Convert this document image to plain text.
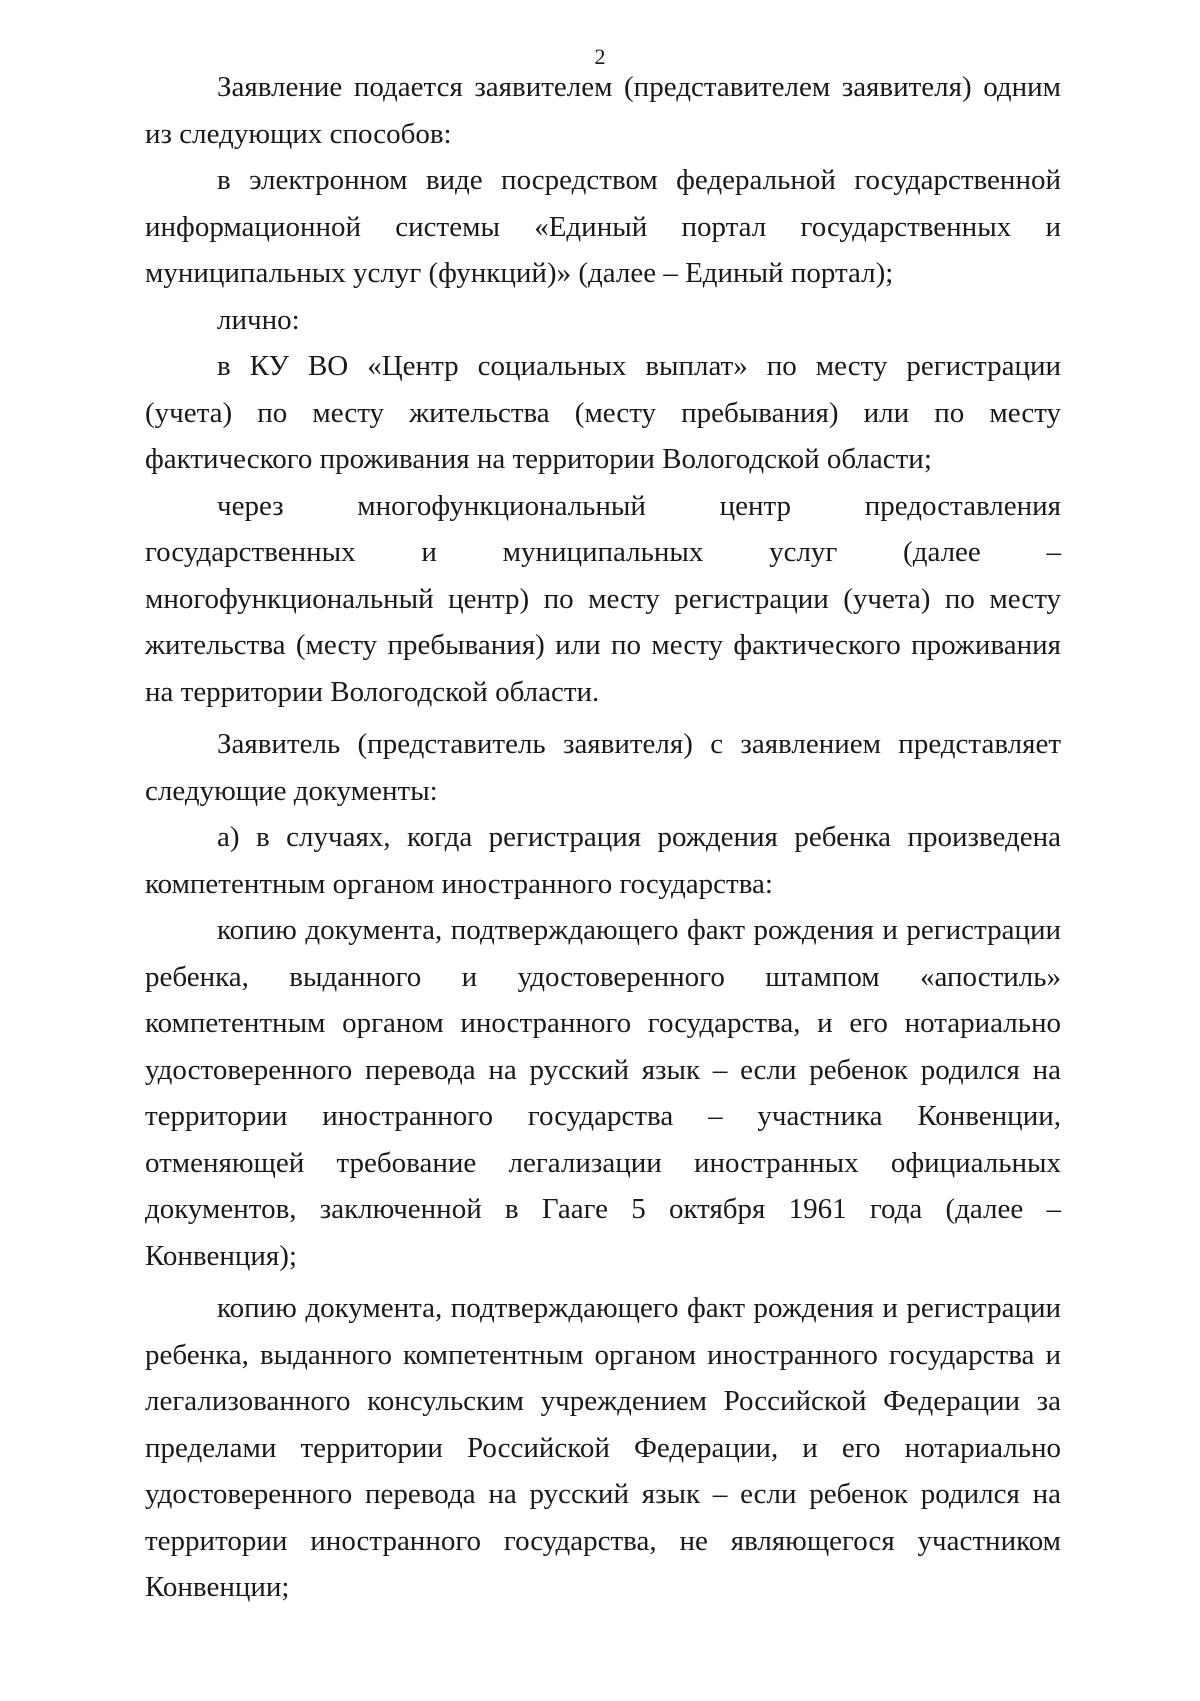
2

Заявление подается заявителем (представителем заявителя) одним из следующих способов:

в электронном виде посредством федеральной государственной информационной системы «Единый портал государственных и муниципальных услуг (функций)» (далее – Единый портал);

лично:

в КУ ВО «Центр социальных выплат» по месту регистрации (учета) по месту жительства (месту пребывания) или по месту фактического проживания на территории Вологодской области;

через многофункциональный центр предоставления государственных и муниципальных услуг (далее – многофункциональный центр) по месту регистрации (учета) по месту жительства (месту пребывания) или по месту фактического проживания на территории Вологодской области.

Заявитель (представитель заявителя) с заявлением представляет следующие документы:

а) в случаях, когда регистрация рождения ребенка произведена компетентным органом иностранного государства:

копию документа, подтверждающего факт рождения и регистрации ребенка, выданного и удостоверенного штампом «апостиль» компетентным органом иностранного государства, и его нотариально удостоверенного перевода на русский язык – если ребенок родился на территории иностранного государства – участника Конвенции, отменяющей требование легализации иностранных официальных документов, заключенной в Гааге 5 октября 1961 года (далее – Конвенция);

копию документа, подтверждающего факт рождения и регистрации ребенка, выданного компетентным органом иностранного государства и легализованного консульским учреждением Российской Федерации за пределами территории Российской Федерации, и его нотариально удостоверенного перевода на русский язык – если ребенок родился на территории иностранного государства, не являющегося участником Конвенции;
